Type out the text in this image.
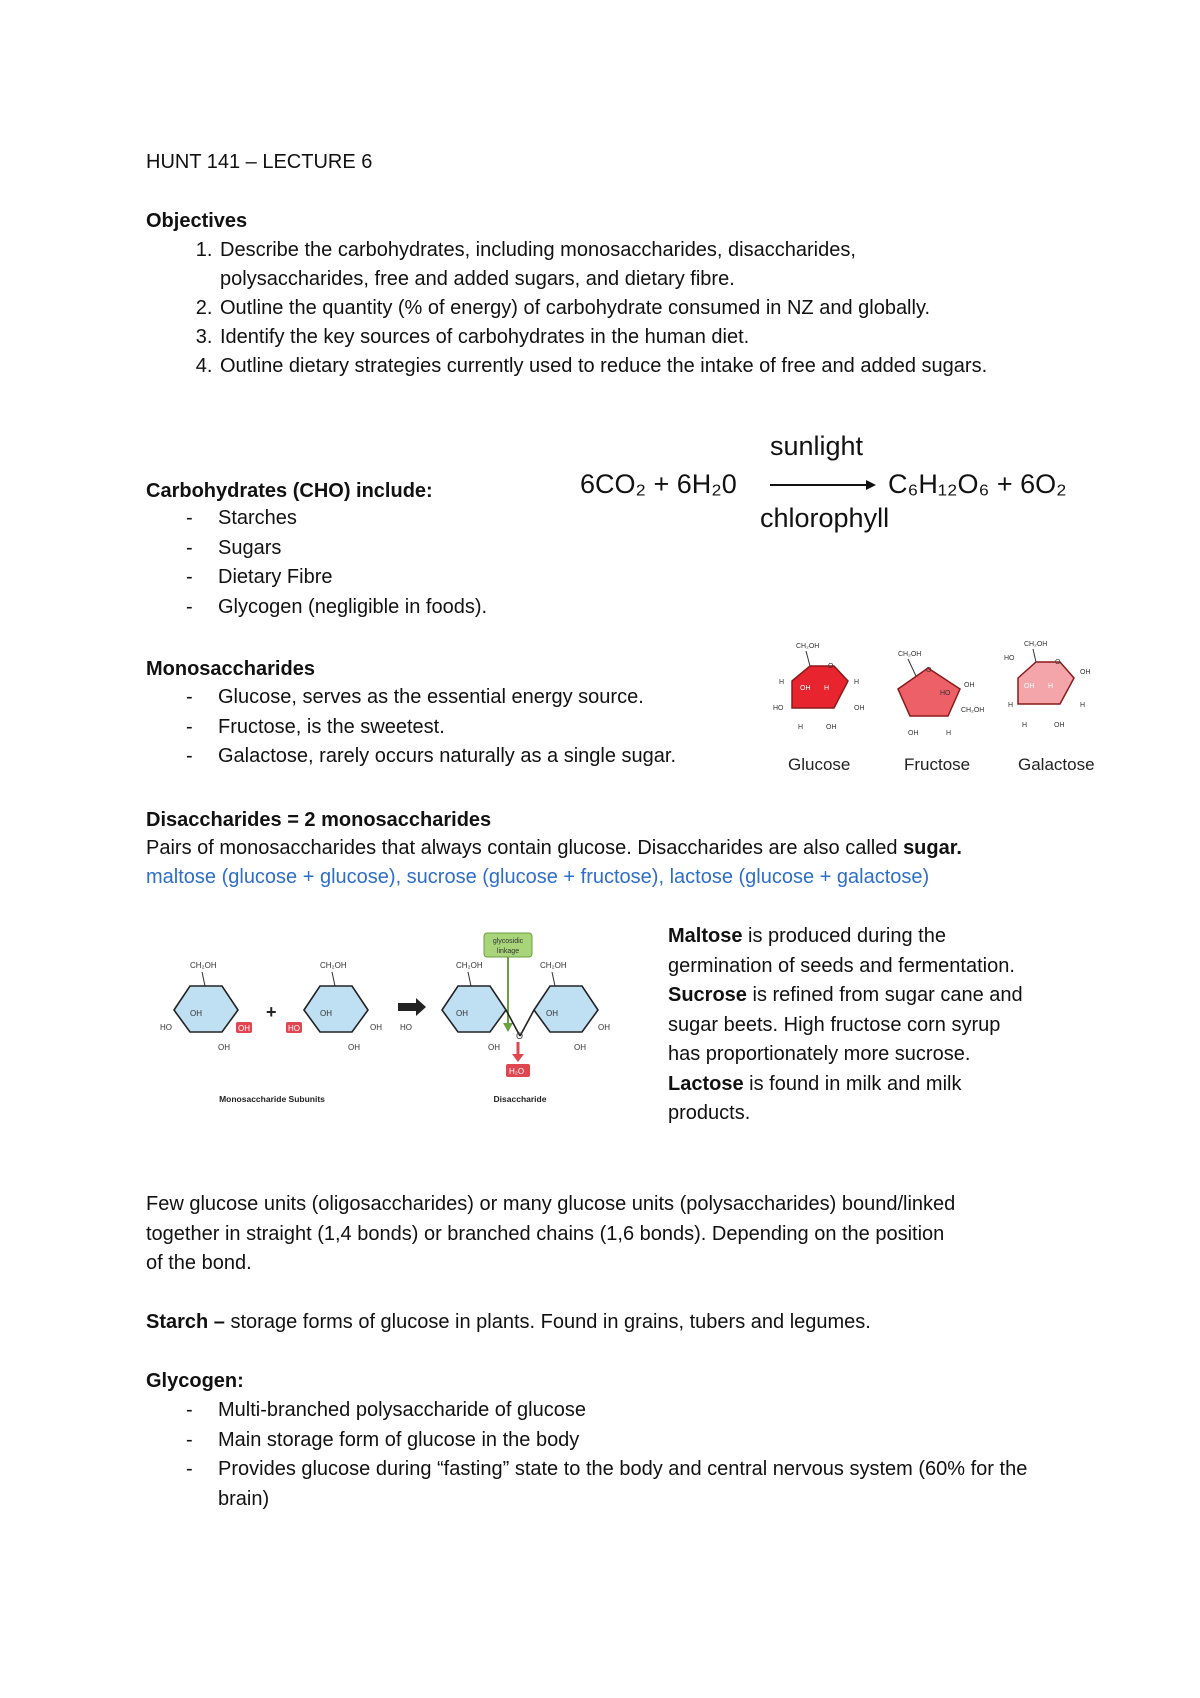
HUNT 141 – LECTURE 6
Objectives
1. Describe the carbohydrates, including monosaccharides, disaccharides, polysaccharides, free and added sugars, and dietary fibre.
2. Outline the quantity (% of energy) of carbohydrate consumed in NZ and globally.
3. Identify the key sources of carbohydrates in the human diet.
4. Outline dietary strategies currently used to reduce the intake of free and added sugars.
6CO₂ + 6H₂0
sunlight
C₆H₁₂O₆ + 6O₂
chlorophyll
Carbohydrates (CHO) include:
- Starches
- Sugars
- Dietary Fibre
- Glycogen (negligible in foods).
Monosaccharides
- Glucose, serves as the essential energy source.
- Fructose, is the sweetest.
- Galactose, rarely occurs naturally as a single sugar.
CH₂OH
O
H	H
OH H
HO	OH
H	OH
Glucose
CH₂OH
O
OH
HO
CH₂OH
OH	H
Fructose
CH₂OH
O
HO
OH
OH H
H	H
H	OH
Galactose
Disaccharides = 2 monosaccharides
Pairs of monosaccharides that always contain glucose. Disaccharides are also called sugar.
maltose (glucose + glucose), sucrose (glucose + fructose), lactose (glucose + galactose)
CH₂OH
OH
HO	OH
OH
+
CH₂OH
OH
HO	OH
OH
glycosidic
linkage
CH₂OH
OH
HO
OH
O
CH₂OH
OH
OH
OH
H₂O
Monosaccharide Subunits	Disaccharide
Maltose is produced during the
germination of seeds and fermentation.
Sucrose is refined from sugar cane and
sugar beets. High fructose corn syrup
has proportionately more sucrose.
Lactose is found in milk and milk
products.
Few glucose units (oligosaccharides) or many glucose units (polysaccharides) bound/linked
together in straight (1,4 bonds) or branched chains (1,6 bonds). Depending on the position
of the bond.
Starch – storage forms of glucose in plants. Found in grains, tubers and legumes.
Glycogen:
- Multi-branched polysaccharide of glucose
- Main storage form of glucose in the body
- Provides glucose during “fasting” state to the body and central nervous system (60% for the brain)
